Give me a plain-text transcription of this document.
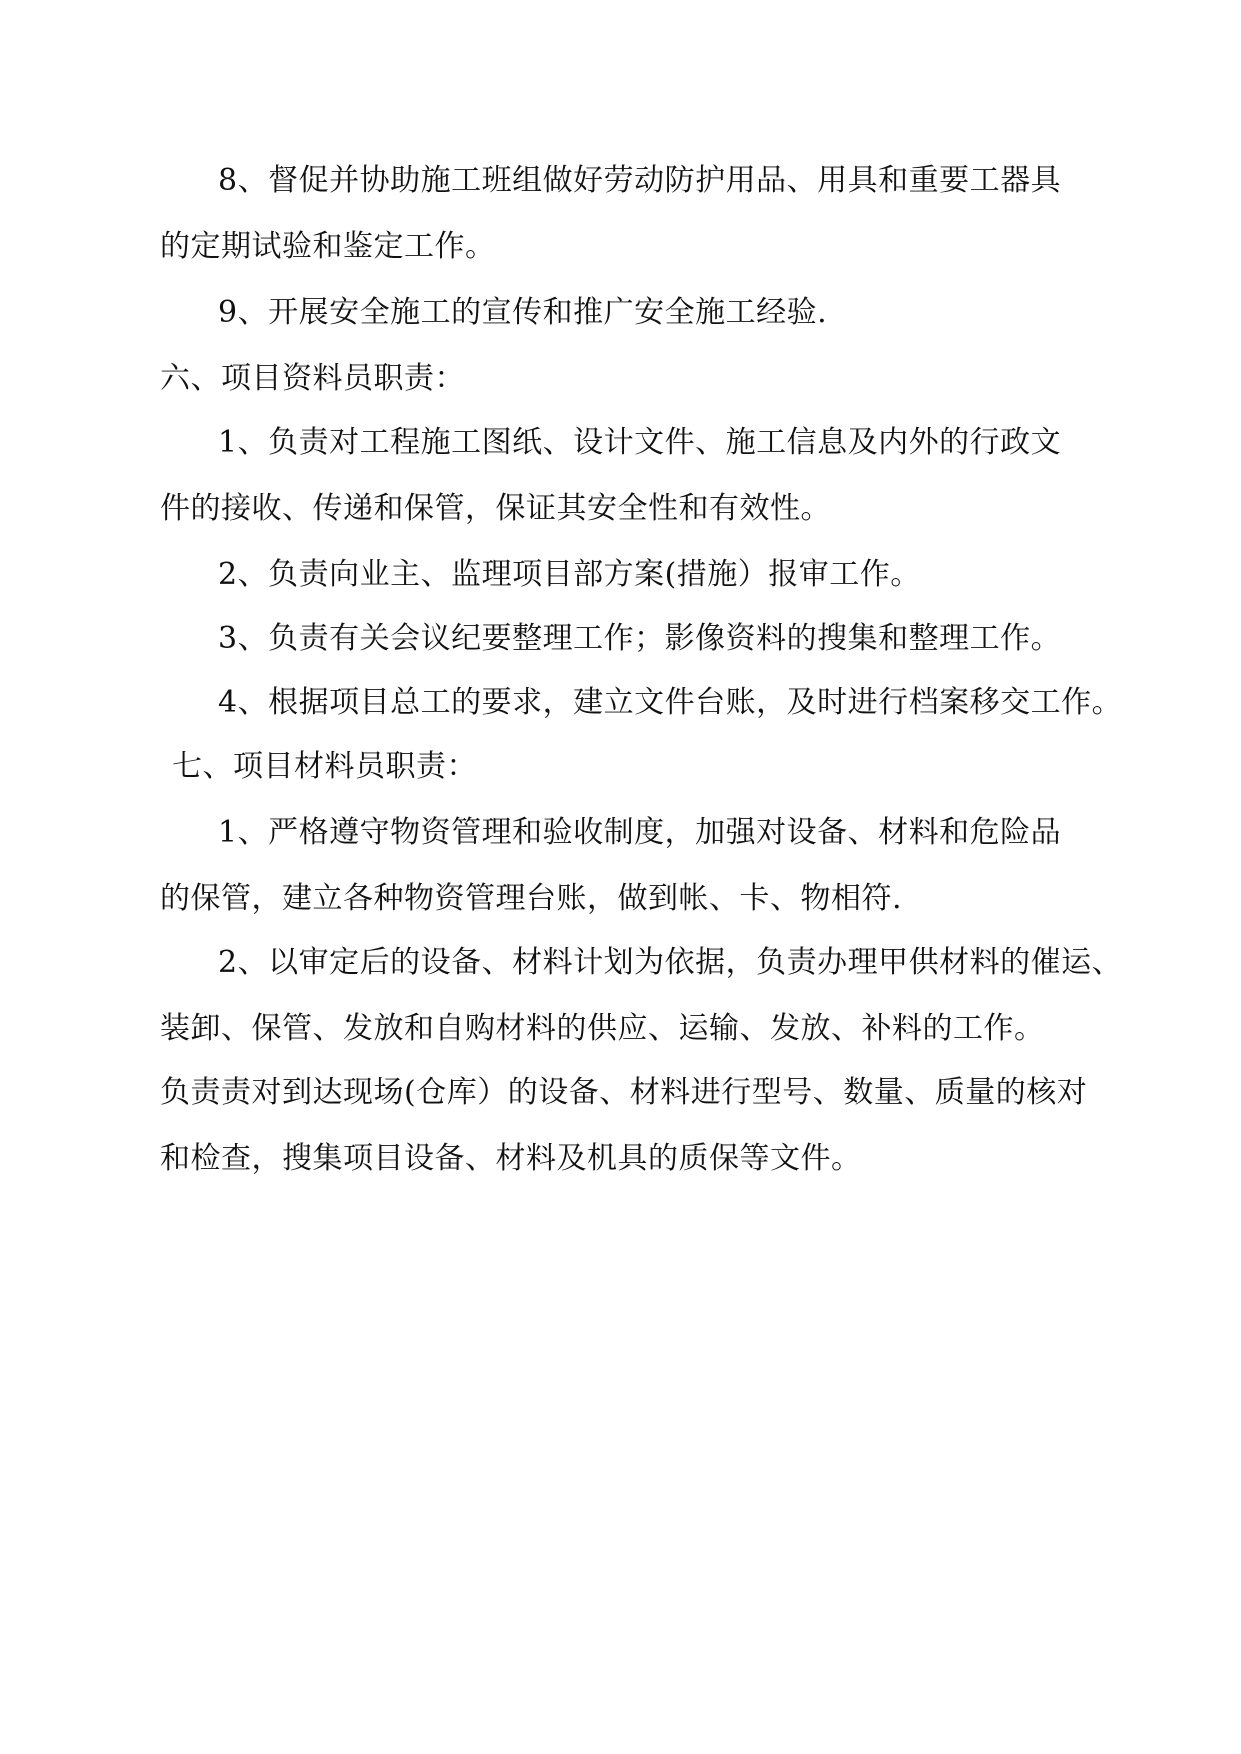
8、督促并协助施工班组做好劳动防护用品、用具和重要工器具
的定期试验和鉴定工作。
9、开展安全施工的宣传和推广安全施工经验.
六、项目资料员职责：
1、负责对工程施工图纸、设计文件、施工信息及内外的行政文
件的接收、传递和保管，保证其安全性和有效性。
2、负责向业主、监理项目部方案(措施）报审工作。
3、负责有关会议纪要整理工作；影像资料的搜集和整理工作。
4、根据项目总工的要求，建立文件台账，及时进行档案移交工作。
七、项目材料员职责：
1、严格遵守物资管理和验收制度，加强对设备、材料和危险品
的保管，建立各种物资管理台账，做到帐、卡、物相符.
2、以审定后的设备、材料计划为依据，负责办理甲供材料的催运、
装卸、保管、发放和自购材料的供应、运输、发放、补料的工作。
负责责对到达现场(仓库）的设备、材料进行型号、数量、质量的核对
和检查，搜集项目设备、材料及机具的质保等文件。
